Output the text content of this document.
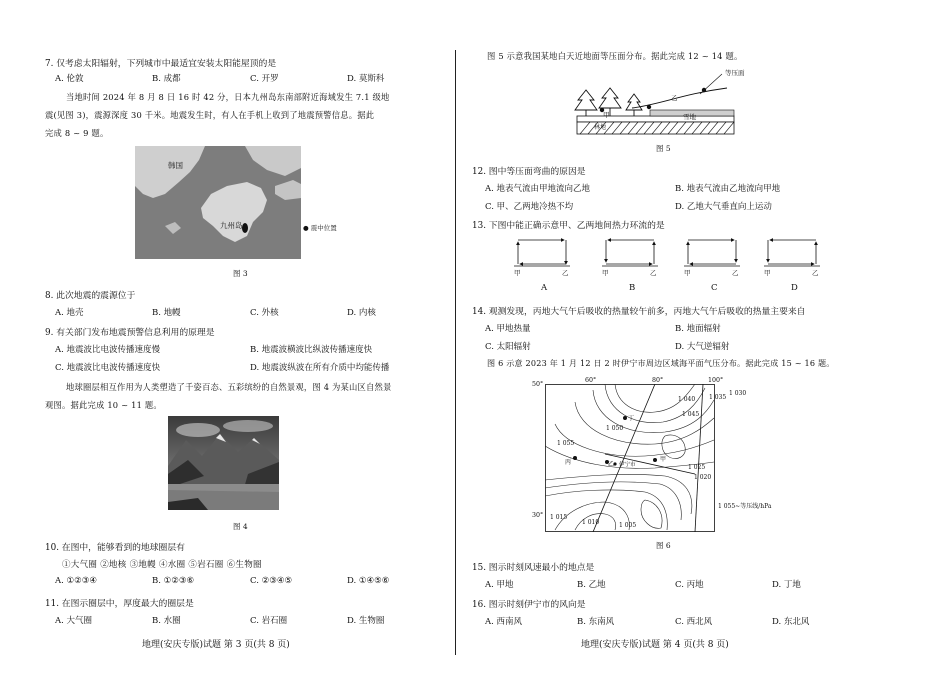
7. 仅考虑太阳辐射，下列城市中最适宜安装太阳能屋顶的是
A. 伦敦	B. 成都	C. 开罗	D. 莫斯科
当地时间 2024 年 8 月 8 日 16 时 42 分，日本九州岛东南部附近海域发生 7.1 级地
震(见图 3)，震源深度 30 千米。地震发生时，有人在手机上收到了地震预警信息。据此
完成 8 ~ 9 题。
韩国
九州岛	● 震中位置
图 3
8. 此次地震的震源位于
A. 地壳	B. 地幔	C. 外核	D. 内核
9. 有关部门发布地震预警信息利用的原理是
A. 地震波比电波传播速度慢	B. 地震波横波比纵波传播速度快
C. 地震波比电波传播速度快	D. 地震波纵波在所有介质中均能传播
地球圈层相互作用为人类塑造了千姿百态、五彩缤纷的自然景观，图 4 为某山区自然景
观图。据此完成 10 ~ 11 题。
图 4
10. 在图中，能够看到的地球圈层有
①大气圈 ②地核 ③地幔 ④水圈 ⑤岩石圈 ⑥生物圈
A. ①②③④	B. ①②③⑥	C. ②③④⑤	D. ①④⑤⑥
11. 在图示圈层中，厚度最大的圈层是
A. 大气圈	B. 水圈	C. 岩石圈	D. 生物圈
地理(安庆专版)试题 第 3 页(共 8 页)
图 5 示意我国某地白天近地面等压面分布。据此完成 12 ~ 14 题。
等压面
乙
甲
林地
雪地
图 5
12. 图中等压面弯曲的原因是
A. 地表气流由甲地流向乙地	B. 地表气流由乙地流向甲地
C. 甲、乙两地冷热不均	D. 乙地大气垂直向上运动
13. 下图中能正确示意甲、乙两地间热力环流的是
甲	乙	甲	乙	甲	乙	甲	乙
A	B	C	D
14. 观测发现，丙地大气午后吸收的热量较午前多，丙地大气午后吸收的热量主要来自
A. 甲地热量	B. 地面辐射
C. 太阳辐射	D. 大气逆辐射
图 6 示意 2023 年 1 月 12 日 2 时伊宁市周边区域海平面气压分布。据此完成 15 ~ 16 题。
60°	80°	100°
50°
30°
1 040
1 045
1 035
1 030
1 050
1 055
1 025
1 020
1 015
1 010	1 005
丁
丙	乙
甲
伊宁市
1 055~等压线/hPa
图 6
15. 图示时刻风速最小的地点是
A. 甲地	B. 乙地	C. 丙地	D. 丁地
16. 图示时刻伊宁市的风向是
A. 西南风	B. 东南风	C. 西北风	D. 东北风
地理(安庆专版)试题 第 4 页(共 8 页)
